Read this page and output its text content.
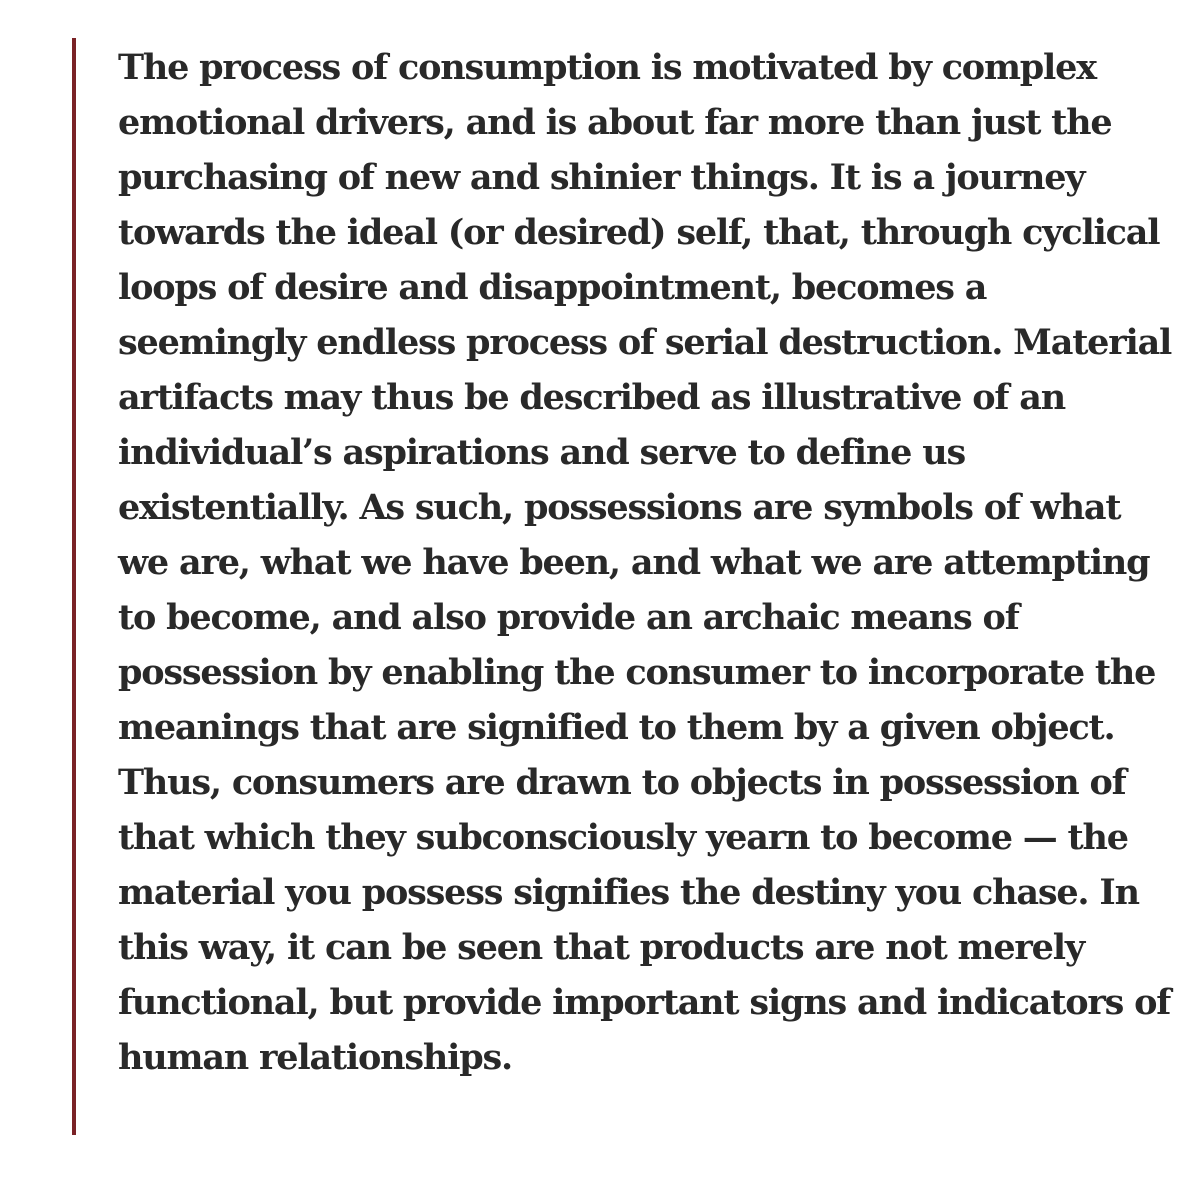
The process of consumption is motivated by complex emotional drivers, and is about far more than just the purchasing of new and shinier things. It is a journey towards the ideal (or desired) self, that, through cyclical loops of desire and disappointment, becomes a seemingly endless process of serial destruction. Material artifacts may thus be described as illustrative of an individual’s aspirations and serve to define us existentially. As such, possessions are symbols of what we are, what we have been, and what we are attempting to become, and also provide an archaic means of possession by enabling the consumer to incorporate the meanings that are signified to them by a given object. Thus, consumers are drawn to objects in possession of that which they subconsciously yearn to become — the material you possess signifies the destiny you chase. In this way, it can be seen that products are not merely functional, but provide important signs and indicators of human relationships.
